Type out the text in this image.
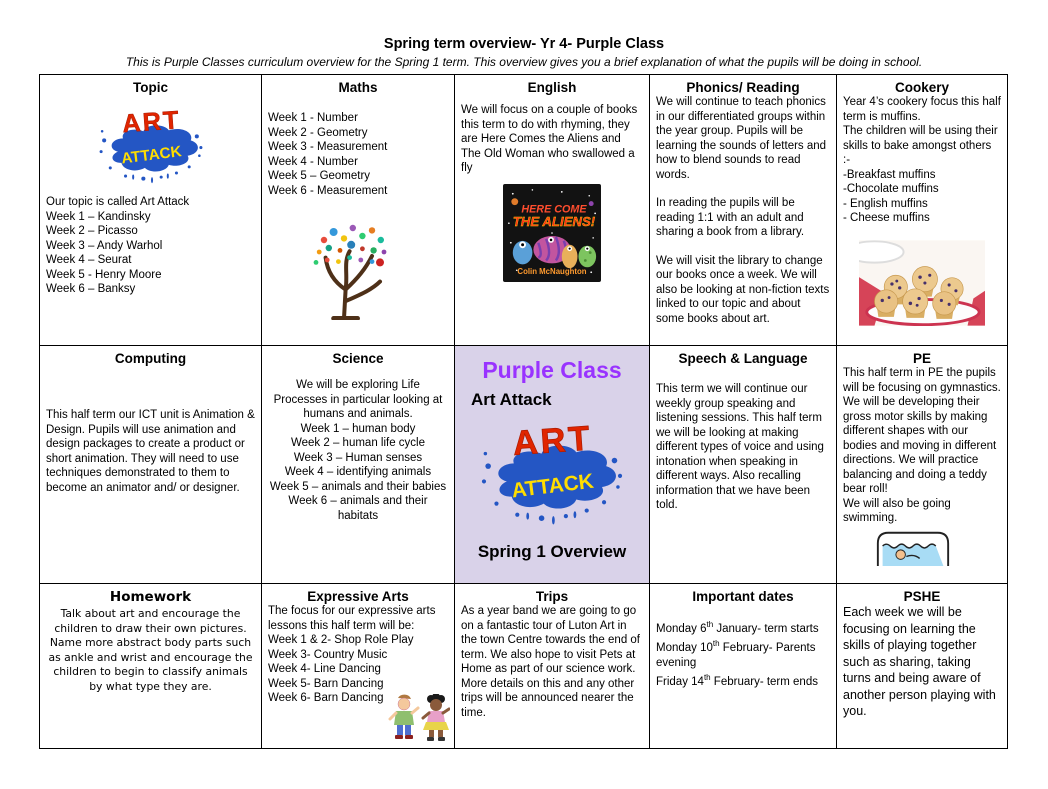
Spring term overview- Yr 4- Purple Class
This is Purple Classes curriculum overview for the Spring 1 term. This overview gives you a brief explanation of what the pupils will be doing in school.
Topic
Our topic is called Art Attack
Week 1 – Kandinsky
Week 2 – Picasso
Week 3 – Andy Warhol
Week 4 – Seurat
Week 5 - Henry Moore
Week 6 – Banksy
Maths
Week 1 - Number
Week 2 - Geometry
Week 3 - Measurement
Week 4 - Number
Week 5 – Geometry
Week 6 - Measurement
English
We will focus on a couple of books this term to do with rhyming, they are Here Comes the Aliens and The Old Woman who swallowed a fly
HERE COME
THE ALIENS!
Colin McNaughton
Phonics/ Reading
We will continue to teach phonics in our differentiated groups within the year group. Pupils will be learning the sounds of letters and how to blend sounds to read words.
In reading the pupils will be reading 1:1 with an adult and sharing a book from a library.
We will visit the library to change our books once a week. We will also be looking at non-fiction texts linked to our topic and about some books about art.
Cookery
Year 4’s cookery focus this half term is muffins.
The children will be using their skills to bake amongst others :-
-Breakfast muffins
-Chocolate muffins
- English muffins
- Cheese muffins
Computing
This half term our ICT unit is Animation & Design. Pupils will use animation and design packages to create a product or short animation. They will need to use techniques demonstrated to them to become an animator and/ or designer.
Science
We will be exploring Life Processes in particular looking at humans and animals.
Week 1 – human body
Week 2 – human life cycle
Week 3 – Human senses
Week 4 – identifying animals
Week 5 – animals and their babies
Week 6 – animals and their habitats
Purple Class
Art Attack
Spring 1 Overview
Speech & Language
This term we will continue our weekly group speaking and listening sessions. This half term we will be looking at making different types of voice and using intonation when speaking in different ways. Also recalling information that we have been told.
PE
This half term in PE the pupils will be focusing on gymnastics. We will be developing their gross motor skills by making different shapes with our bodies and moving in different directions. We will practice balancing and doing a teddy bear roll!
We will also be going swimming.
Homework
Talk about art and encourage the children to draw their own pictures. Name more abstract body parts such as ankle and wrist and encourage the children to begin to classify animals by what type they are.
Expressive Arts
The focus for our expressive arts lessons this half term will be:
Week 1 & 2- Shop Role Play
Week 3- Country Music
Week 4- Line Dancing
Week 5- Barn Dancing
Week 6- Barn Dancing
Trips
As a year band we are going to go on a fantastic tour of Luton Art in the town Centre towards the end of term. We also hope to visit Pets at Home as part of our science work.
More details on this and any other trips will be announced nearer the time.
Important dates
Monday 6th January- term starts
Monday 10th February- Parents evening
Friday 14th February- term ends
PSHE
Each week we will be focusing on learning the skills of playing together such as sharing, taking turns and being aware of another person playing with you.
